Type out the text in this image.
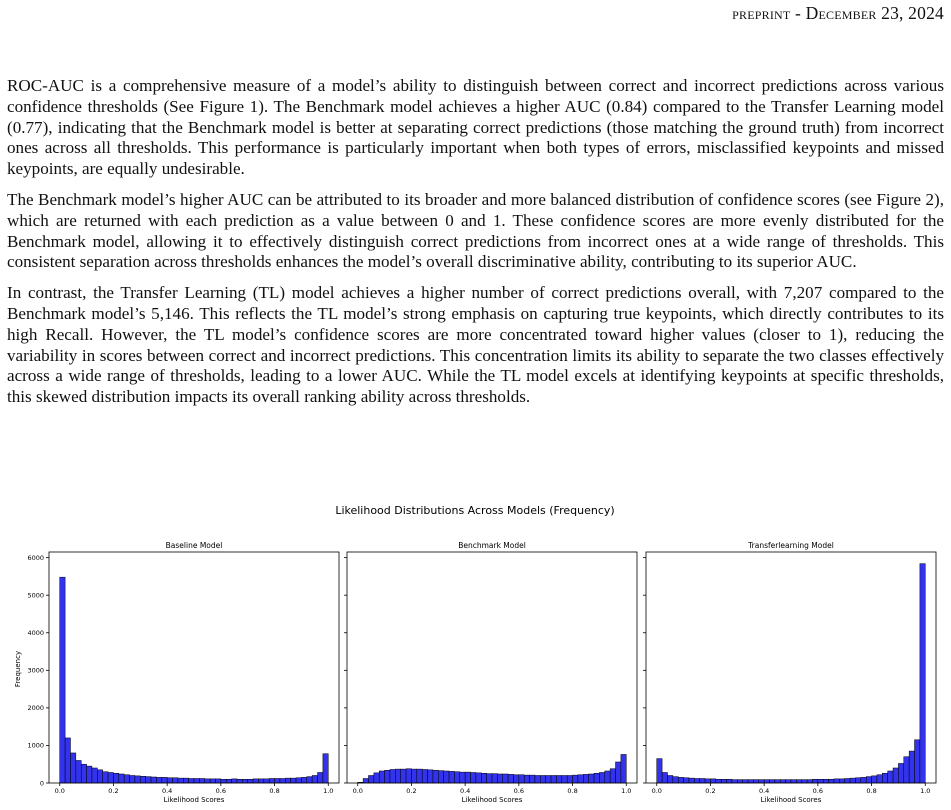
preprint - December 23, 2024

ROC-AUC is a comprehensive measure of a model’s ability to distinguish between correct and incorrect predictions across various confidence thresholds (See Figure 1). The Benchmark model achieves a higher AUC (0.84) compared to the Transfer Learning model (0.77), indicating that the Benchmark model is better at separating correct predictions (those matching the ground truth) from incorrect ones across all thresholds. This performance is particularly important when both types of errors, misclassified keypoints and missed keypoints, are equally undesirable.

The Benchmark model’s higher AUC can be attributed to its broader and more balanced distribution of confidence scores (see Figure 2), which are returned with each prediction as a value between 0 and 1. These confidence scores are more evenly distributed for the Benchmark model, allowing it to effectively distinguish correct predictions from incorrect ones at a wide range of thresholds. This consistent separation across thresholds enhances the model’s overall discriminative ability, contributing to its superior AUC.

In contrast, the Transfer Learning (TL) model achieves a higher number of correct predictions overall, with 7,207 compared to the Benchmark model’s 5,146. This reflects the TL model’s strong emphasis on capturing true keypoints, which directly contributes to its high Recall. However, the TL model’s confidence scores are more concentrated toward higher values (closer to 1), reducing the variability in scores between correct and incorrect predictions. This concentration limits its ability to separate the two classes effectively across a wide range of thresholds, leading to a lower AUC. While the TL model excels at identifying keypoints at specific thresholds, this skewed distribution impacts its overall ranking ability across thresholds.

Likelihood Distributions Across Models (Frequency)
Frequency
Baseline Model
0.0	0.2	0.4	0.6	0.8	1.0
Likelihood Scores
0
1000
2000
3000
4000
5000
6000
Benchmark Model
0.0	0.2	0.4	0.6	0.8	1.0
Likelihood Scores
Transferlearning Model
0.0	0.2	0.4	0.6	0.8	1.0
Likelihood Scores
